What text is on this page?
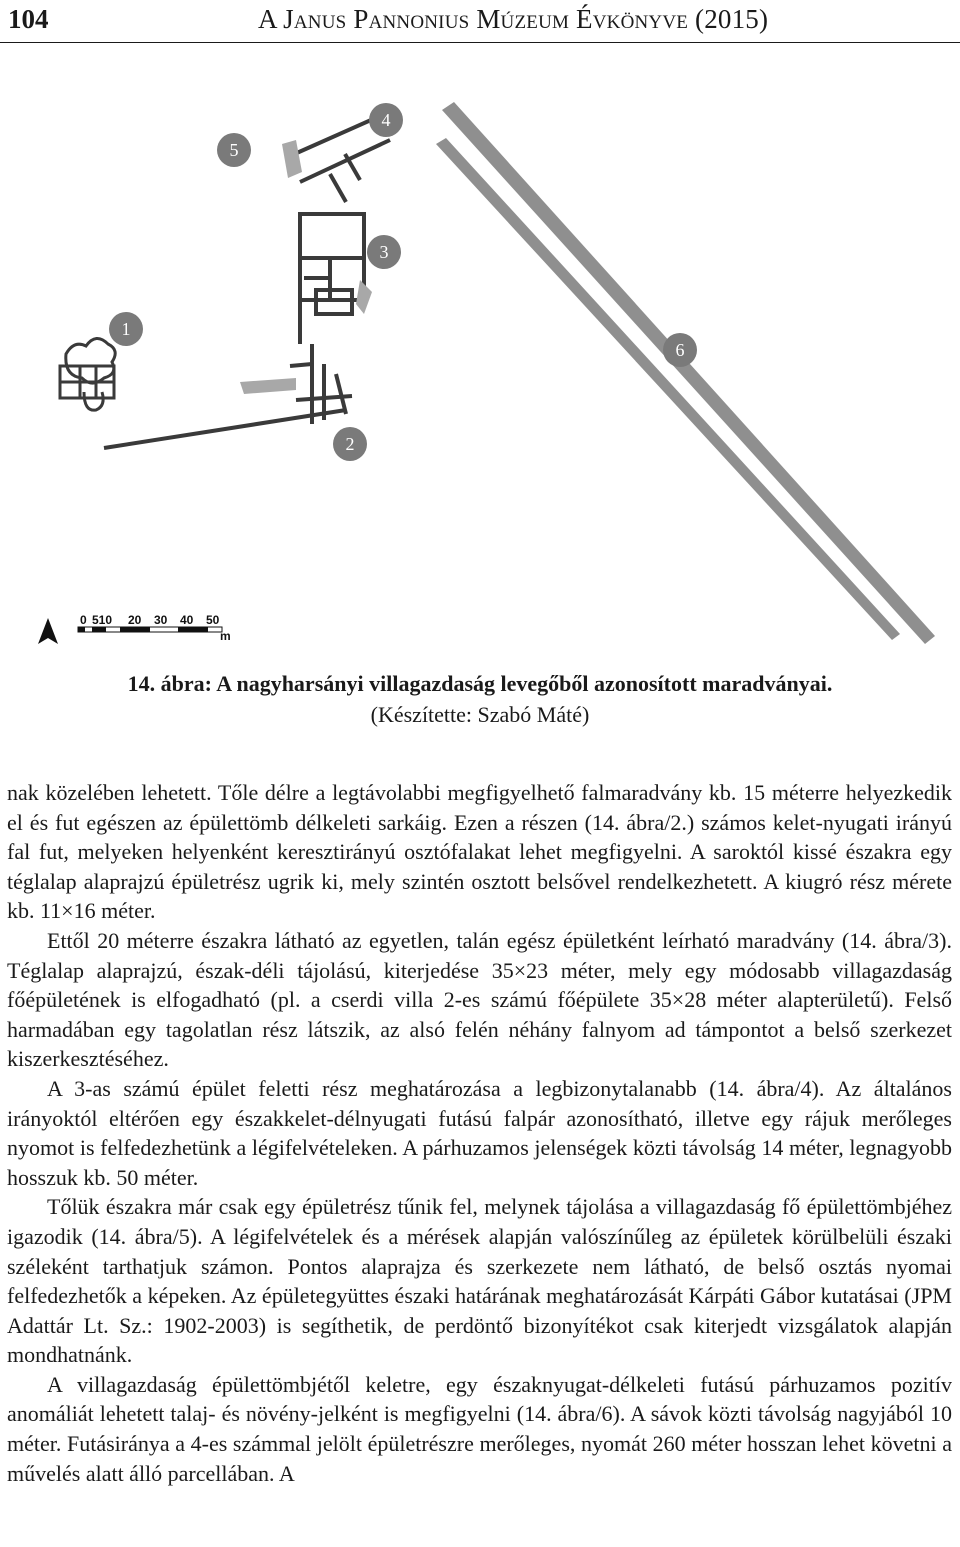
104	A Janus Pannonius Múzeum Évkönyve (2015)
1
2
3
4
5
6
0 510 20 30 40 50
m
14. ábra: A nagyharsányi villagazdaság levegőből azonosított maradványai.
(Készítette: Szabó Máté)

nak közelében lehetett. Tőle délre a legtávolabbi megfigyelhető falmaradvány kb. 15 méterre helyezkedik el és fut egészen az épülettömb délkeleti sarkáig. Ezen a részen (14. ábra/2.) számos kelet-nyugati irányú fal fut, melyeken helyenként keresztirányú osztófalakat lehet megfigyelni. A saroktól kissé északra egy téglalap alaprajzú épületrész ugrik ki, mely szintén osztott belsővel rendelkezhetett. A kiugró rész mérete kb. 11×16 méter.

Ettől 20 méterre északra látható az egyetlen, talán egész épületként leírható maradvány (14. ábra/3). Téglalap alaprajzú, észak-déli tájolású, kiterjedése 35×23 méter, mely egy módosabb villagazdaság főépületének is elfogadható (pl. a cserdi villa 2-es számú főépülete 35×28 méter alapterületű). Felső harmadában egy tagolatlan rész látszik, az alsó felén néhány falnyom ad támpontot a belső szerkezet kiszerkesztéséhez.

A 3-as számú épület feletti rész meghatározása a legbizonytalanabb (14. ábra/4). Az általános irányoktól eltérően egy északkelet-délnyugati futású falpár azonosítható, illetve egy rájuk merőleges nyomot is felfedezhetünk a légifelvételeken. A párhuzamos jelenségek közti távolság 14 méter, legnagyobb hosszuk kb. 50 méter.

Tőlük északra már csak egy épületrész tűnik fel, melynek tájolása a villagazdaság fő épülettömbjéhez igazodik (14. ábra/5). A légifelvételek és a mérések alapján valószínűleg az épületek körülbelüli északi széleként tarthatjuk számon. Pontos alaprajza és szerkezete nem látható, de belső osztás nyomai felfedezhetők a képeken. Az épületegyüttes északi határának meghatározását Kárpáti Gábor kutatásai (JPM Adattár Lt. Sz.: 1902-2003) is segíthetik, de perdöntő bizonyítékot csak kiterjedt vizsgálatok alapján mondhatnánk.

A villagazdaság épülettömbjétől keletre, egy északnyugat-délkeleti futású párhuzamos pozitív anomáliát lehetett talaj- és növény-jelként is megfigyelni (14. ábra/6). A sávok közti távolság nagyjából 10 méter. Futásiránya a 4-es számmal jelölt épületrészre merőleges, nyomát 260 méter hosszan lehet követni a művelés alatt álló parcellában. A
